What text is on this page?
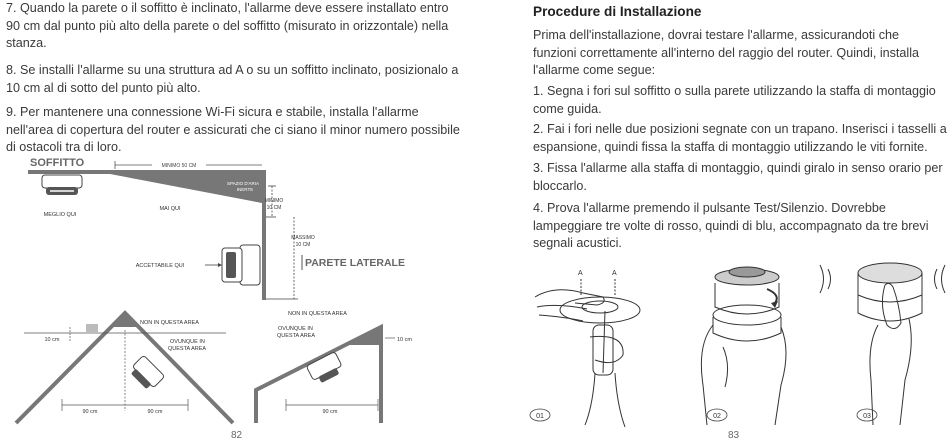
7. Quando la parete o il soffitto è inclinato, l'allarme deve essere installato entro 90 cm dal punto più alto della parete o del soffitto (misurato in orizzontale) nella stanza.
8. Se installi l'allarme su una struttura ad A o su un soffitto inclinato, posizionalo a 10 cm al di sotto del punto più alto.
9. Per mantenere una connessione Wi-Fi sicura e stabile, installa l'allarme nell'area di copertura del router e assicurati che ci siano il minor numero possibile di ostacoli tra di loro.
SOFFITTO	MINIMO 50 CM
SPAZIO D'ARIA
INERTE
MEGLIO QUI
MAI QUI
MINIMO
10 CM
MASSIMO
10 CM
ACCETTABILE QUI	PARETE LATERALE
10 cm
NON IN QUESTA AREA
OVUNQUE IN
QUESTA AREA
90 cm	90 cm
NON IN QUESTA AREA
OVUNQUE IN
QUESTA AREA
10 cm
90 cm
82
Procedure di Installazione
Prima dell'installazione, dovrai testare l'allarme, assicurandoti che funzioni correttamente all'interno del raggio del router. Quindi, installa l'allarme come segue:
1. Segna i fori sul soffitto o sulla parete utilizzando la staffa di montaggio come guida.
2. Fai i fori nelle due posizioni segnate con un trapano. Inserisci i tasselli a espansione, quindi fissa la staffa di montaggio utilizzando le viti fornite.
3. Fissa l'allarme alla staffa di montaggio, quindi giralo in senso orario per bloccarlo.
4. Prova l'allarme premendo il pulsante Test/Silenzio. Dovrebbe lampeggiare tre volte di rosso, quindi di blu, accompagnato da tre brevi segnali acustici.
A	A
01	02	03
83
